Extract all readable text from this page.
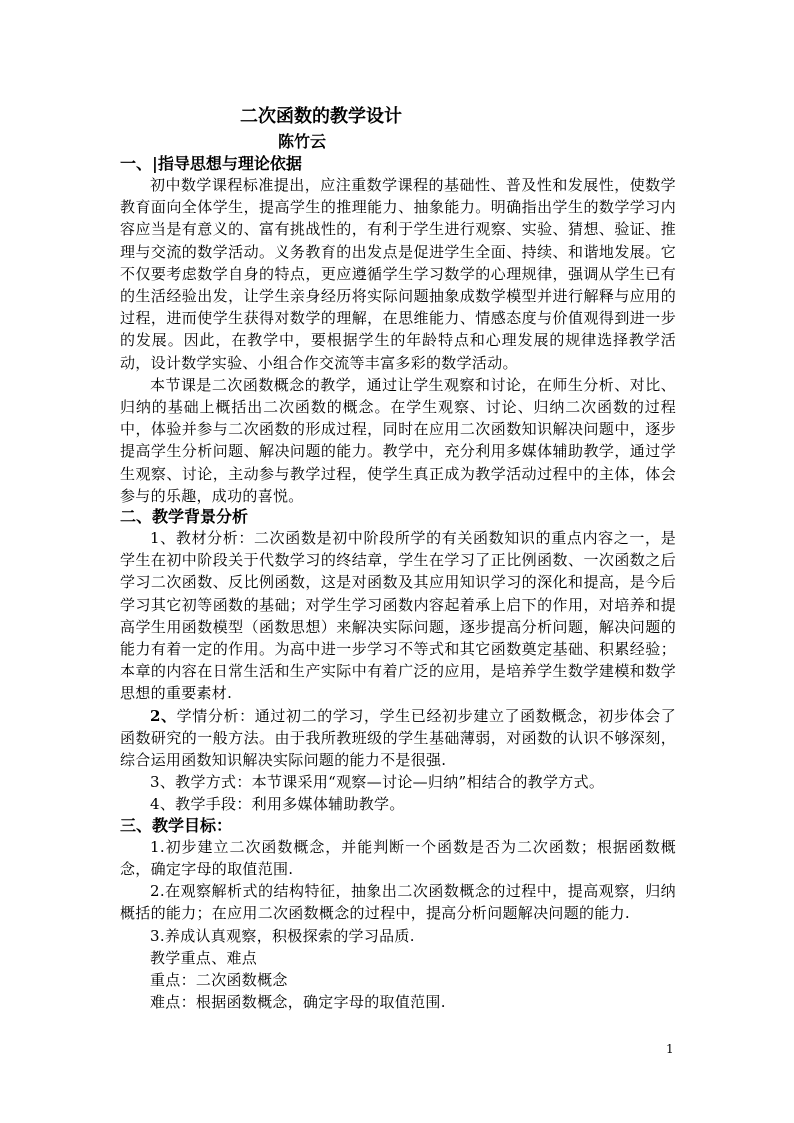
二次函数的教学设计
陈竹云
一、|指导思想与理论依据

初中数学课程标准提出，应注重数学课程的基础性、普及性和发展性，使数学教育面向全体学生，提高学生的推理能力、抽象能力。明确指出学生的数学学习内容应当是有意义的、富有挑战性的，有利于学生进行观察、实验、猜想、验证、推理与交流的数学活动。义务教育的出发点是促进学生全面、持续、和谐地发展。它不仅要考虑数学自身的特点，更应遵循学生学习数学的心理规律，强调从学生已有的生活经验出发，让学生亲身经历将实际问题抽象成数学模型并进行解释与应用的过程，进而使学生获得对数学的理解，在思维能力、情感态度与价值观得到进一步的发展。因此，在教学中，要根据学生的年龄特点和心理发展的规律选择教学活动，设计数学实验、小组合作交流等丰富多彩的数学活动。

本节课是二次函数概念的教学，通过让学生观察和讨论，在师生分析、对比、归纳的基础上概括出二次函数的概念。在学生观察、讨论、归纳二次函数的过程中，体验并参与二次函数的形成过程，同时在应用二次函数知识解决问题中，逐步提高学生分析问题、解决问题的能力。教学中，充分利用多媒体辅助教学，通过学生观察、讨论，主动参与教学过程，使学生真正成为教学活动过程中的主体，体会参与的乐趣，成功的喜悦。

二、教学背景分析

1、教材分析：二次函数是初中阶段所学的有关函数知识的重点内容之一，是学生在初中阶段关于代数学习的终结章，学生在学习了正比例函数、一次函数之后学习二次函数、反比例函数，这是对函数及其应用知识学习的深化和提高，是今后学习其它初等函数的基础；对学生学习函数内容起着承上启下的作用，对培养和提高学生用函数模型（函数思想）来解决实际问题，逐步提高分析问题，解决问题的能力有着一定的作用。为高中进一步学习不等式和其它函数奠定基础、积累经验；本章的内容在日常生活和生产实际中有着广泛的应用，是培养学生数学建模和数学思想的重要素材.

2、学情分析：通过初二的学习，学生已经初步建立了函数概念，初步体会了函数研究的一般方法。由于我所教班级的学生基础薄弱，对函数的认识不够深刻，综合运用函数知识解决实际问题的能力不是很强.

3、教学方式：本节课采用“观察—讨论—归纳”相结合的教学方式。

4、教学手段：利用多媒体辅助教学。

三、教学目标：

1.初步建立二次函数概念，并能判断一个函数是否为二次函数；根据函数概念，确定字母的取值范围.

2.在观察解析式的结构特征，抽象出二次函数概念的过程中，提高观察，归纳概括的能力；在应用二次函数概念的过程中，提高分析问题解决问题的能力.

3.养成认真观察，积极探索的学习品质.

教学重点、难点

重点：二次函数概念

难点：根据函数概念，确定字母的取值范围.

1
